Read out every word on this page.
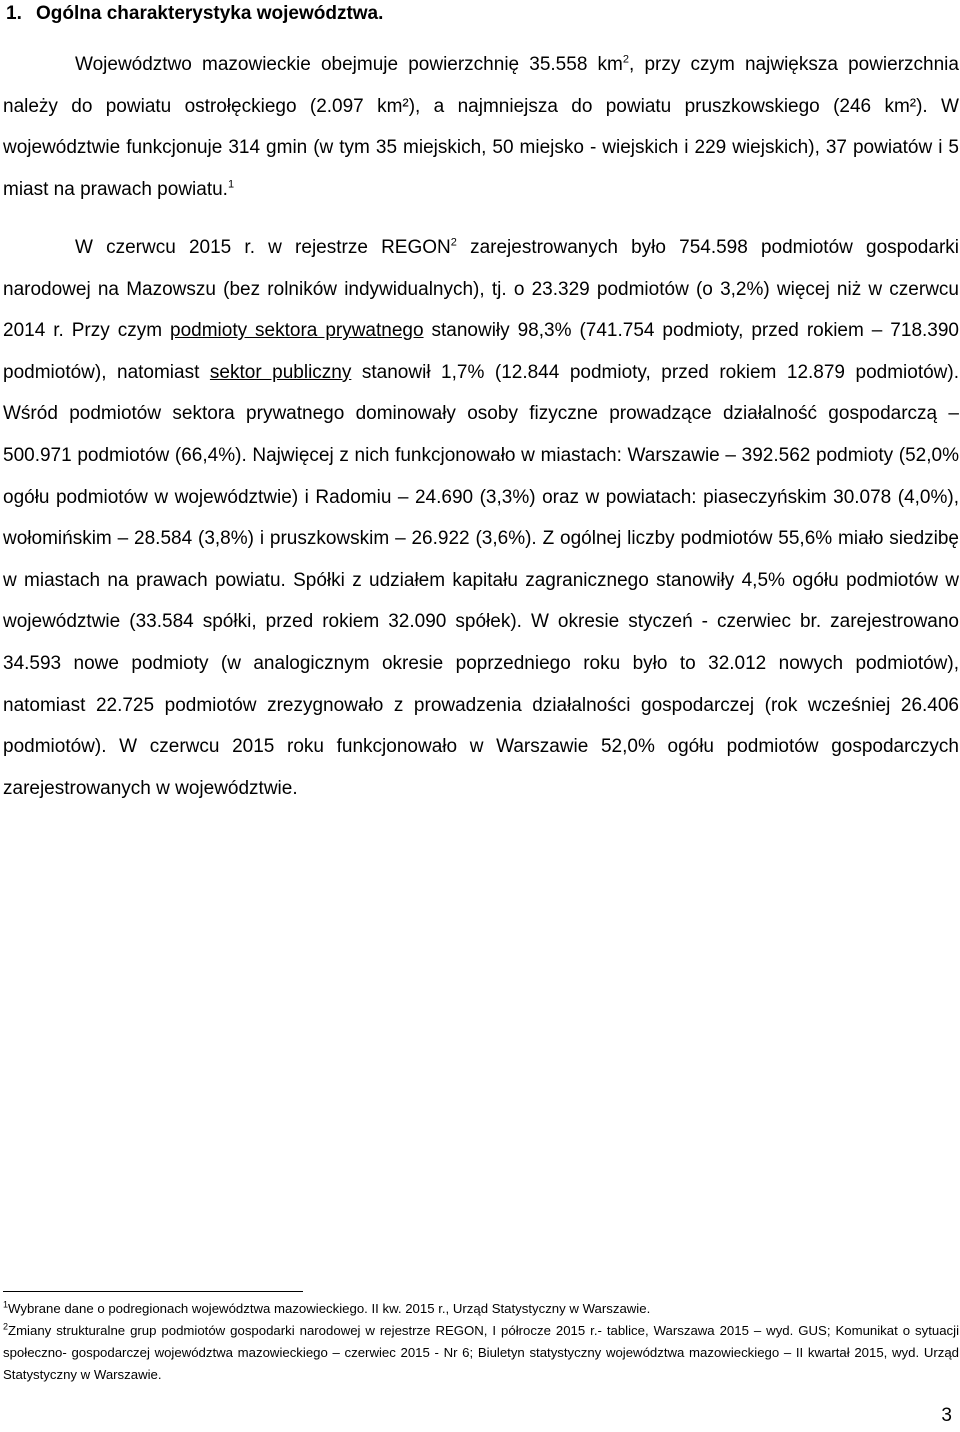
1. Ogólna charakterystyka województwa.

Województwo mazowieckie obejmuje powierzchnię 35.558 $km^2$, przy czym największa powierzchnia należy do powiatu ostrołęckiego (2.097 km²), a najmniejsza do powiatu pruszkowskiego (246 km²). W województwie funkcjonuje 314 gmin (w tym 35 miejskich, 50 miejsko - wiejskich i 229 wiejskich), 37 powiatów i 5 miast na prawach powiatu.$^1$

W czerwcu 2015 r. w rejestrze REGON$^2$ zarejestrowanych było 754.598 podmiotów gospodarki narodowej na Mazowszu (bez rolników indywidualnych), tj. o 23.329 podmiotów (o 3,2%) więcej niż w czerwcu 2014 r. Przy czym podmioty sektora prywatnego stanowiły 98,3% (741.754 podmioty, przed rokiem – 718.390 podmiotów), natomiast sektor publiczny stanowił 1,7% (12.844 podmioty, przed rokiem 12.879 podmiotów). Wśród podmiotów sektora prywatnego dominowały osoby fizyczne prowadzące działalność gospodarczą – 500.971 podmiotów (66,4%). Najwięcej z nich funkcjonowało w miastach: Warszawie – 392.562 podmioty (52,0% ogółu podmiotów w województwie) i Radomiu – 24.690 (3,3%) oraz w powiatach: piaseczyńskim 30.078 (4,0%), wołomińskim – 28.584 (3,8%) i pruszkowskim – 26.922 (3,6%). Z ogólnej liczby podmiotów 55,6% miało siedzibę w miastach na prawach powiatu. Spółki z udziałem kapitału zagranicznego stanowiły 4,5% ogółu podmiotów w województwie (33.584 spółki, przed rokiem 32.090 spółek). W okresie styczeń - czerwiec br. zarejestrowano 34.593 nowe podmioty (w analogicznym okresie poprzedniego roku było to 32.012 nowych podmiotów), natomiast 22.725 podmiotów zrezygnowało z prowadzenia działalności gospodarczej (rok wcześniej 26.406 podmiotów). W czerwcu 2015 roku funkcjonowało w Warszawie 52,0% ogółu podmiotów gospodarczych zarejestrowanych w województwie.

$^1$Wybrane dane o podregionach województwa mazowieckiego. II kw. 2015 r., Urząd Statystyczny w Warszawie.

$^2$Zmiany strukturalne grup podmiotów gospodarki narodowej w rejestrze REGON, I półrocze 2015 r.- tablice, Warszawa 2015 – wyd. GUS; Komunikat o sytuacji społeczno- gospodarczej województwa mazowieckiego – czerwiec 2015 - Nr 6; Biuletyn statystyczny województwa mazowieckiego – II kwartał 2015, wyd. Urząd Statystyczny w Warszawie.

3
